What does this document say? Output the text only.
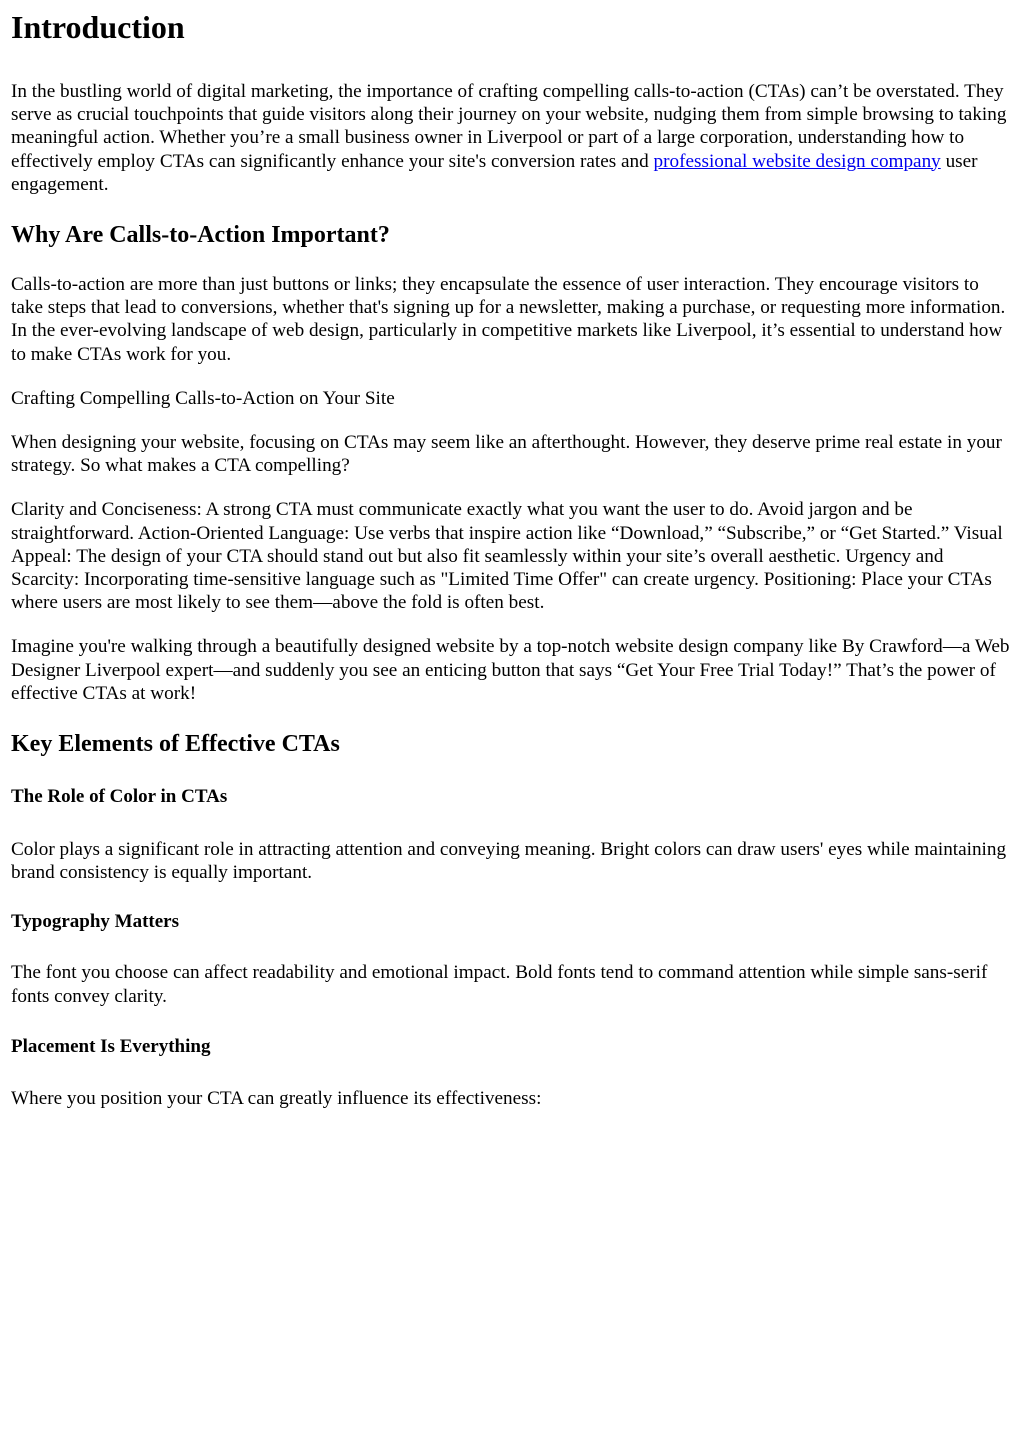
Introduction

In the bustling world of digital marketing, the importance of crafting compelling calls-to-action (CTAs) can’t be overstated. They serve as crucial touchpoints that guide visitors along their journey on your website, nudging them from simple browsing to taking meaningful action. Whether you’re a small business owner in Liverpool or part of a large corporation, understanding how to effectively employ CTAs can significantly enhance your site's conversion rates and professional website design company user engagement.

Why Are Calls-to-Action Important?

Calls-to-action are more than just buttons or links; they encapsulate the essence of user interaction. They encourage visitors to take steps that lead to conversions, whether that's signing up for a newsletter, making a purchase, or requesting more information. In the ever-evolving landscape of web design, particularly in competitive markets like Liverpool, it’s essential to understand how to make CTAs work for you.

Crafting Compelling Calls-to-Action on Your Site

When designing your website, focusing on CTAs may seem like an afterthought. However, they deserve prime real estate in your strategy. So what makes a CTA compelling?

Clarity and Conciseness: A strong CTA must communicate exactly what you want the user to do. Avoid jargon and be straightforward. Action-Oriented Language: Use verbs that inspire action like “Download,” “Subscribe,” or “Get Started.” Visual Appeal: The design of your CTA should stand out but also fit seamlessly within your site’s overall aesthetic. Urgency and Scarcity: Incorporating time-sensitive language such as "Limited Time Offer" can create urgency. Positioning: Place your CTAs where users are most likely to see them—above the fold is often best.

Imagine you're walking through a beautifully designed website by a top-notch website design company like By Crawford—a Web Designer Liverpool expert—and suddenly you see an enticing button that says “Get Your Free Trial Today!” That’s the power of effective CTAs at work!

Key Elements of Effective CTAs
The Role of Color in CTAs

Color plays a significant role in attracting attention and conveying meaning. Bright colors can draw users' eyes while maintaining brand consistency is equally important.

Typography Matters

The font you choose can affect readability and emotional impact. Bold fonts tend to command attention while simple sans-serif fonts convey clarity.

Placement Is Everything

Where you position your CTA can greatly influence its effectiveness:
